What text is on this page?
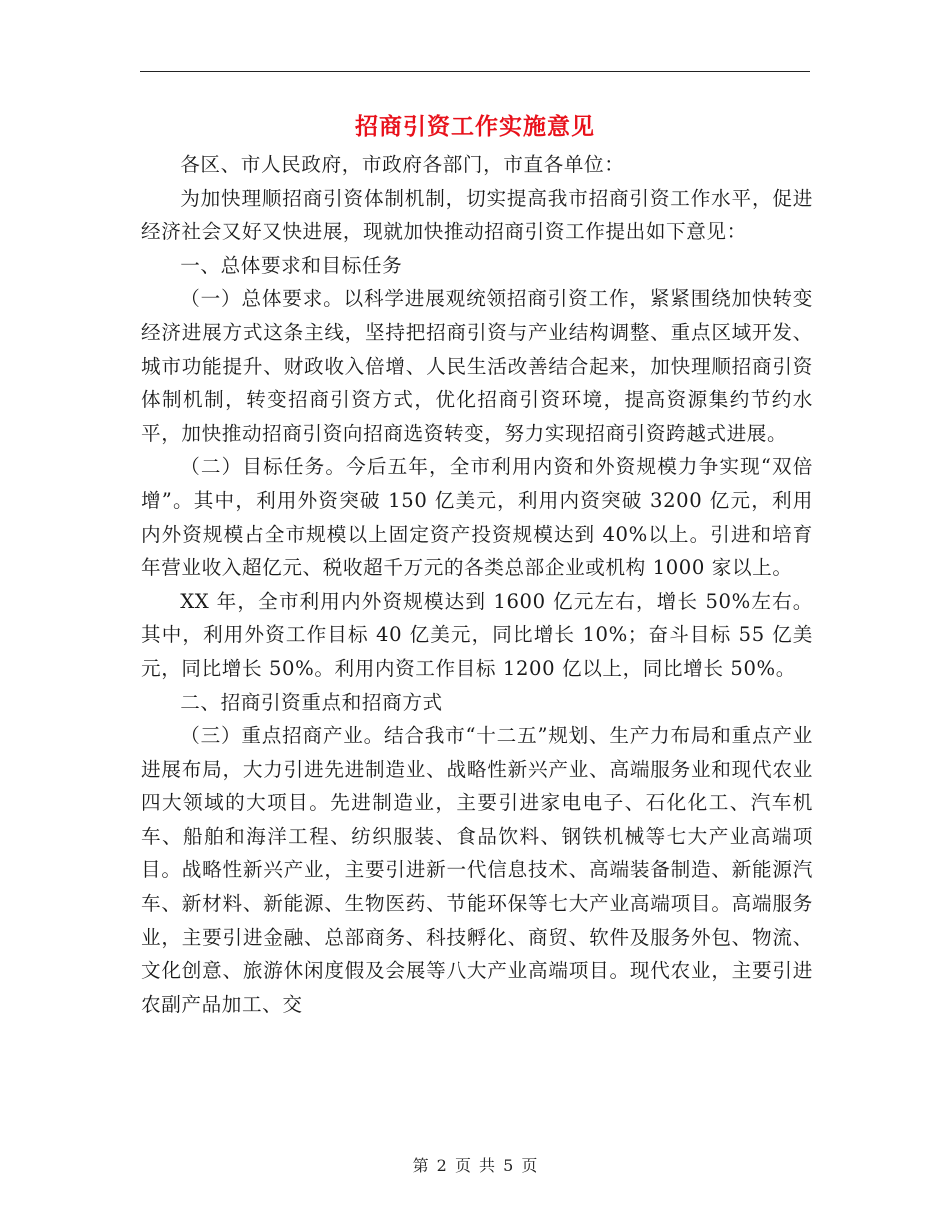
招商引资工作实施意见

各区、市人民政府，市政府各部门，市直各单位：

为加快理顺招商引资体制机制，切实提高我市招商引资工作水平，促进经济社会又好又快进展，现就加快推动招商引资工作提出如下意见：

一、总体要求和目标任务

（一）总体要求。以科学进展观统领招商引资工作，紧紧围绕加快转变经济进展方式这条主线，坚持把招商引资与产业结构调整、重点区域开发、城市功能提升、财政收入倍增、人民生活改善结合起来，加快理顺招商引资体制机制，转变招商引资方式，优化招商引资环境，提高资源集约节约水平，加快推动招商引资向招商选资转变，努力实现招商引资跨越式进展。

（二）目标任务。今后五年，全市利用内资和外资规模力争实现“双倍增”。其中，利用外资突破 150 亿美元，利用内资突破 3200 亿元，利用内外资规模占全市规模以上固定资产投资规模达到 40%以上。引进和培育年营业收入超亿元、税收超千万元的各类总部企业或机构 1000 家以上。

XX 年，全市利用内外资规模达到 1600 亿元左右，增长 50%左右。其中，利用外资工作目标 40 亿美元，同比增长 10%；奋斗目标 55 亿美元，同比增长 50%。利用内资工作目标 1200 亿以上，同比增长 50%。

二、招商引资重点和招商方式

（三）重点招商产业。结合我市“十二五”规划、生产力布局和重点产业进展布局，大力引进先进制造业、战略性新兴产业、高端服务业和现代农业四大领域的大项目。先进制造业，主要引进家电电子、石化化工、汽车机车、船舶和海洋工程、纺织服装、食品饮料、钢铁机械等七大产业高端项目。战略性新兴产业，主要引进新一代信息技术、高端装备制造、新能源汽车、新材料、新能源、生物医药、节能环保等七大产业高端项目。高端服务业，主要引进金融、总部商务、科技孵化、商贸、软件及服务外包、物流、文化创意、旅游休闲度假及会展等八大产业高端项目。现代农业，主要引进农副产品加工、交

第 2 页 共 5 页
